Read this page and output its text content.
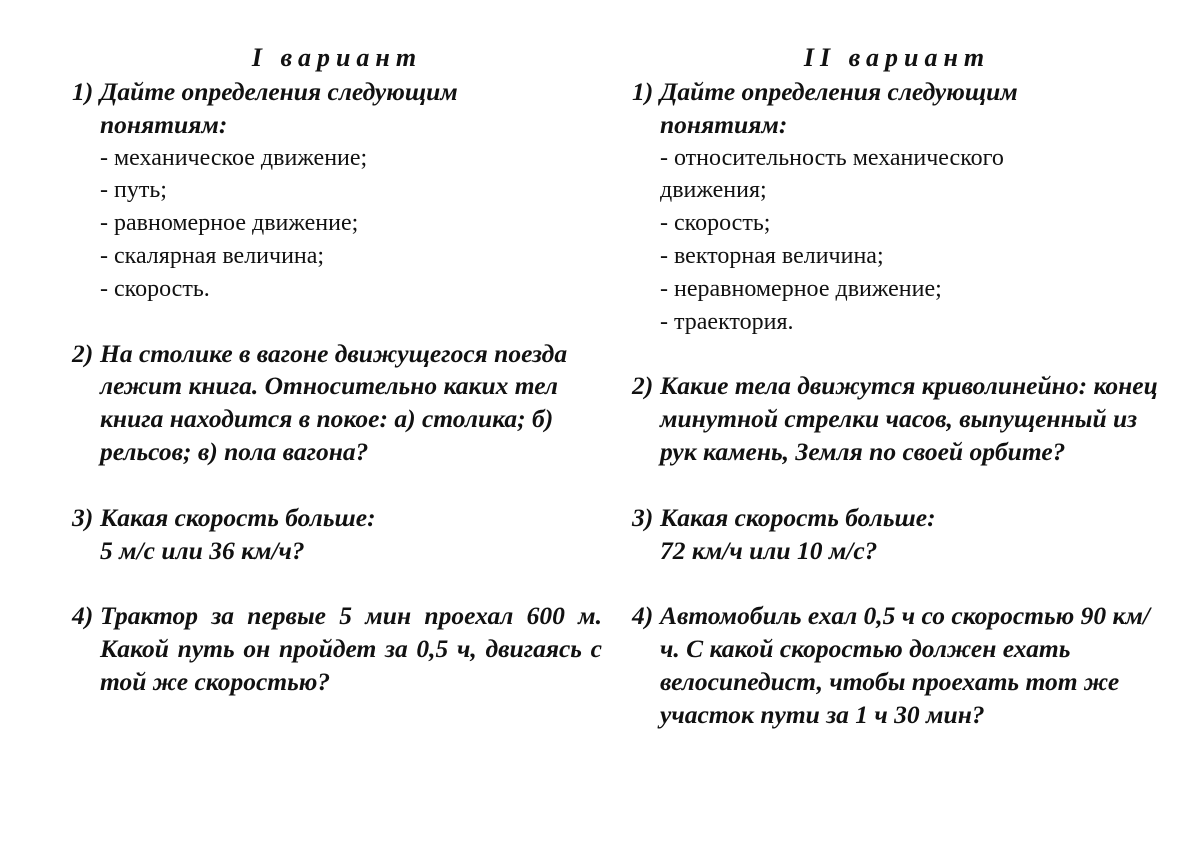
I вариант
1) Дайте определения следующим понятиям:
- механическое движение;
- путь;
- равномерное движение;
- скалярная величина;
- скорость.
2) На столике в вагоне движущегося поезда лежит книга. Относительно каких тел книга находится в покое: а) столика; б) рельсов; в) пола вагона?
3) Какая скорость больше:
5 м/с или 36 км/ч?
4) Трактор за первые 5 мин проехал 600 м. Какой путь он пройдет за 0,5 ч, двигаясь с той же скоростью?
II вариант
1) Дайте определения следующим понятиям:
- относительность механического движения;
- скорость;
- векторная величина;
- неравномерное движение;
- траектория.
2) Какие тела движутся криволинейно: конец минутной стрелки часов, выпущенный из рук камень, Земля по своей орбите?
3) Какая скорость больше:
72 км/ч или 10 м/с?
4) Автомобиль ехал 0,5 ч со скоростью 90 км/ч. С какой скоростью должен ехать велосипедист, чтобы проехать тот же участок пути за 1 ч 30 мин?
